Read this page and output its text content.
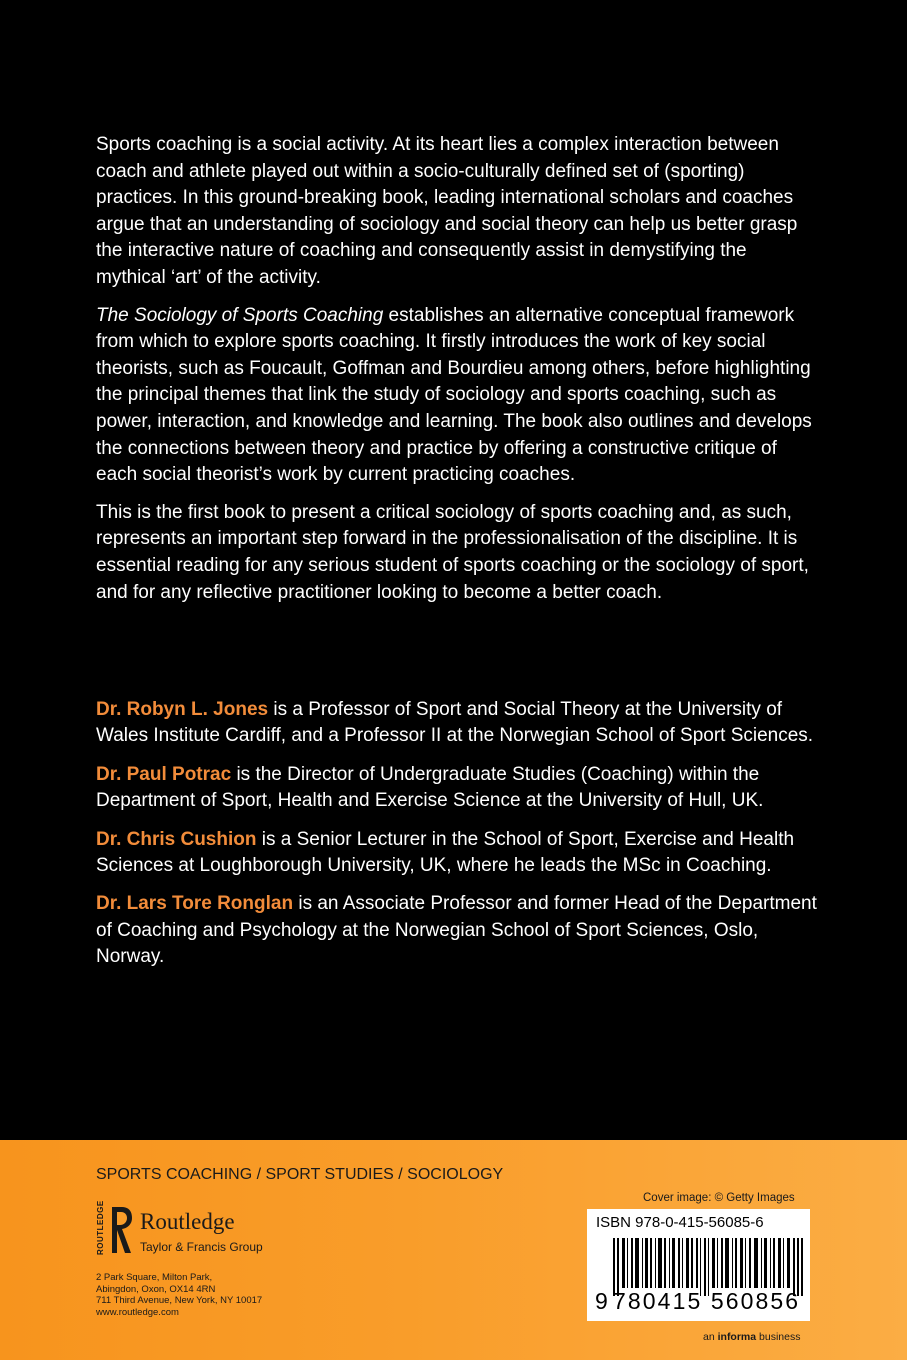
Sports coaching is a social activity. At its heart lies a complex interaction between coach and athlete played out within a socio-culturally defined set of (sporting) practices. In this ground-breaking book, leading international scholars and coaches argue that an understanding of sociology and social theory can help us better grasp the interactive nature of coaching and consequently assist in demystifying the mythical ‘art’ of the activity.

The Sociology of Sports Coaching establishes an alternative conceptual framework from which to explore sports coaching. It firstly introduces the work of key social theorists, such as Foucault, Goffman and Bourdieu among others, before highlighting the principal themes that link the study of sociology and sports coaching, such as power, interaction, and knowledge and learning. The book also outlines and develops the connections between theory and practice by offering a constructive critique of each social theorist’s work by current practicing coaches.

This is the first book to present a critical sociology of sports coaching and, as such, represents an important step forward in the professionalisation of the discipline. It is essential reading for any serious student of sports coaching or the sociology of sport, and for any reflective practitioner looking to become a better coach.

Dr. Robyn L. Jones is a Professor of Sport and Social Theory at the University of Wales Institute Cardiff, and a Professor II at the Norwegian School of Sport Sciences.

Dr. Paul Potrac is the Director of Undergraduate Studies (Coaching) within the Department of Sport, Health and Exercise Science at the University of Hull, UK.

Dr. Chris Cushion is a Senior Lecturer in the School of Sport, Exercise and Health Sciences at Loughborough University, UK, where he leads the MSc in Coaching.

Dr. Lars Tore Ronglan is an Associate Professor and former Head of the Department of Coaching and Psychology at the Norwegian School of Sport Sciences, Oslo, Norway.

SPORTS COACHING / SPORT STUDIES / SOCIOLOGY
ROUTLEDGE Routledge
Taylor & Francis Group
2 Park Square, Milton Park,
Abingdon, Oxon, OX14 4RN
711 Third Avenue, New York, NY 10017
www.routledge.com
Cover image: © Getty Images
ISBN 978-0-415-56085-6
9 780415 560856
an informa business
